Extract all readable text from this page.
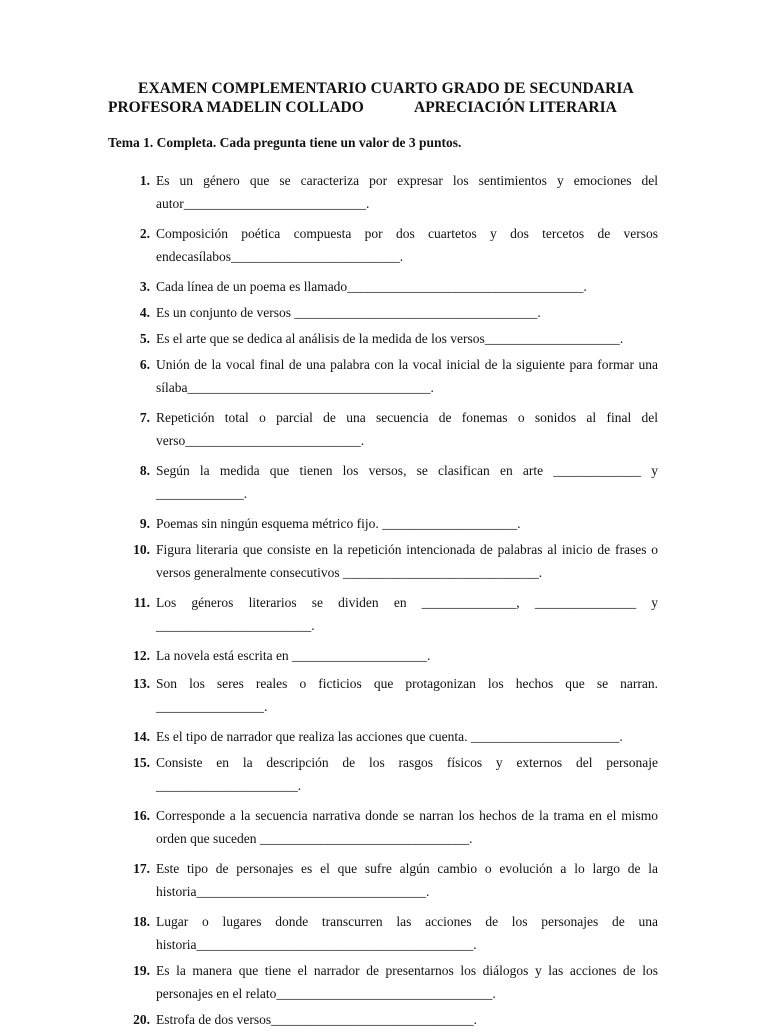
EXAMEN COMPLEMENTARIO CUARTO GRADO DE SECUNDARIA
PROFESORA MADELIN COLLADO	APRECIACIÓN LITERARIA
Tema 1. Completa. Cada pregunta tiene un valor de 3 puntos.
1. Es un género que se caracteriza por expresar los sentimientos y emociones del autor___________________________.
2. Composición poética compuesta por dos cuartetos y dos tercetos de versos endecasílabos_________________________.
3. Cada línea de un poema es llamado___________________________________.
4. Es un conjunto de versos ____________________________________.
5. Es el arte que se dedica al análisis de la medida de los versos____________________.
6. Unión de la vocal final de una palabra con la vocal inicial de la siguiente para formar una sílaba____________________________________.
7. Repetición total o parcial de una secuencia de fonemas o sonidos al final del verso__________________________.
8. Según la medida que tienen los versos, se clasifican en arte _____________ y _____________.
9. Poemas sin ningún esquema métrico fijo. ____________________.
10. Figura literaria que consiste en la repetición intencionada de palabras al inicio de frases o versos generalmente consecutivos _____________________________.
11. Los géneros literarios se dividen en ______________, _______________ y _______________________.
12. La novela está escrita en ____________________.
13. Son los seres reales o ficticios que protagonizan los hechos que se narran. ________________.
14. Es el tipo de narrador que realiza las acciones que cuenta. ______________________.
15. Consiste en la descripción de los rasgos físicos y externos del personaje _____________________.
16. Corresponde a la secuencia narrativa donde se narran los hechos de la trama en el mismo orden que suceden _______________________________.
17. Este tipo de personajes es el que sufre algún cambio o evolución a lo largo de la historia__________________________________.
18. Lugar o lugares donde transcurren las acciones de los personajes de una historia_________________________________________.
19. Es la manera que tiene el narrador de presentarnos los diálogos y las acciones de los personajes en el relato________________________________.
20. Estrofa de dos versos______________________________.
